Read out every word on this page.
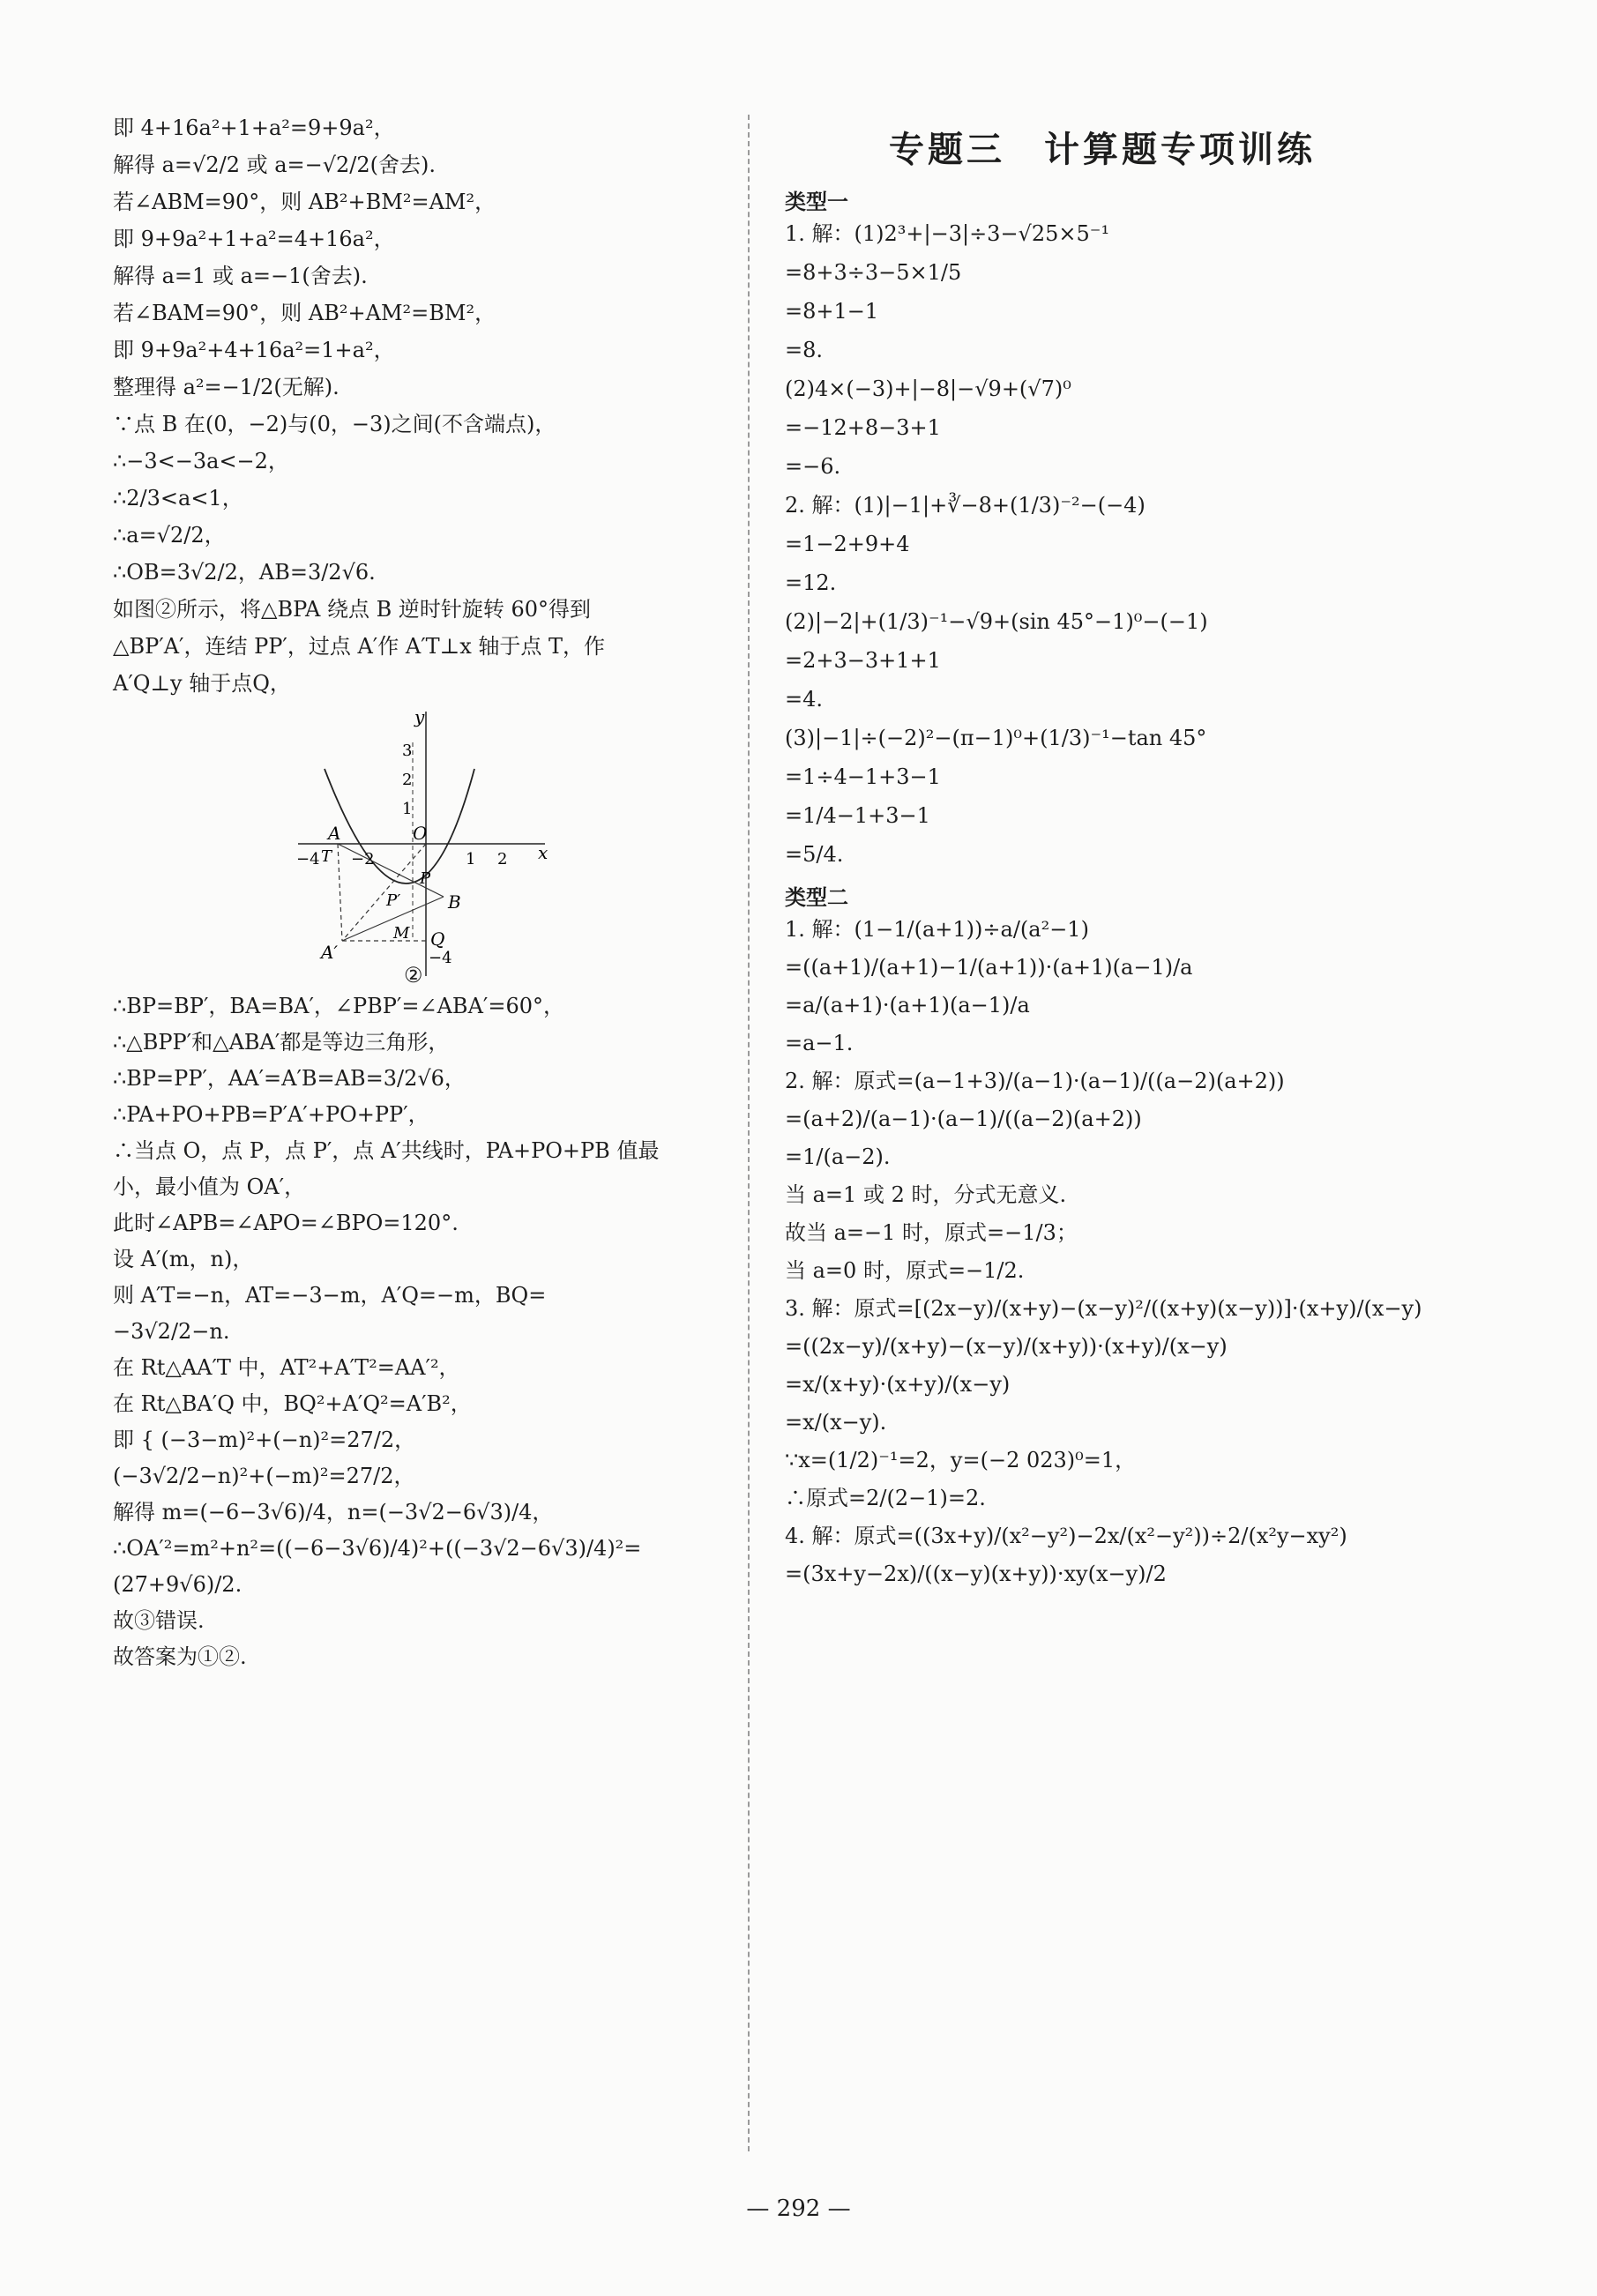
即 4+16a²+1+a²=9+9a²，

解得 a=√2/2 或 a=−√2/2(舍去).

若∠ABM=90°，则 AB²+BM²=AM²，

即 9+9a²+1+a²=4+16a²，

解得 a=1 或 a=−1(舍去).

若∠BAM=90°，则 AB²+AM²=BM²，

即 9+9a²+4+16a²=1+a²，

整理得 a²=−1/2(无解).

∵点 B 在(0，−2)与(0，−3)之间(不含端点)，

∴−3<−3a<−2，

∴2/3<a<1，

∴a=√2/2，

∴OB=3√2/2，AB=3/2√6.

如图②所示，将△BPA 绕点 B 逆时针旋转 60°得到

△BP′A′，连结 PP′，过点 A′作 A′T⊥x 轴于点 T，作

A′Q⊥y 轴于点Q，

y
x
O
A
T
B
P
P′
M
A′
Q
3
2
1
−4 −2	2
1
−4
②

∴BP=BP′，BA=BA′，∠PBP′=∠ABA′=60°，

∴△BPP′和△ABA′都是等边三角形，

∴BP=PP′，AA′=A′B=AB=3/2√6，

∴PA+PO+PB=P′A′+PO+PP′，

∴当点 O，点 P，点 P′，点 A′共线时，PA+PO+PB 值最

小，最小值为 OA′，

此时∠APB=∠APO=∠BPO=120°.

设 A′(m，n)，

则 A′T=−n，AT=−3−m，A′Q=−m，BQ=

−3√2/2−n.

在 Rt△AA′T 中，AT²+A′T²=AA′²，

在 Rt△BA′Q 中，BQ²+A′Q²=A′B²，

即 { (−3−m)²+(−n)²=27/2，

(−3√2/2−n)²+(−m)²=27/2，

解得 m=(−6−3√6)/4，n=(−3√2−6√3)/4，

∴OA′²=m²+n²=((−6−3√6)/4)²+((−3√2−6√3)/4)²=

(27+9√6)/2.

故③错误.

故答案为①②.

专题三　计算题专项训练
类型一

1. 解：(1)2³+|−3|÷3−√25×5⁻¹

=8+3÷3−5×1/5

=8+1−1

=8.

(2)4×(−3)+|−8|−√9+(√7)⁰

=−12+8−3+1

=−6.

2. 解：(1)|−1|+∛−8+(1/3)⁻²−(−4)

=1−2+9+4

=12.

(2)|−2|+(1/3)⁻¹−√9+(sin 45°−1)⁰−(−1)

=2+3−3+1+1

=4.

(3)|−1|÷(−2)²−(π−1)⁰+(1/3)⁻¹−tan 45°

=1÷4−1+3−1

=1/4−1+3−1

=5/4.

类型二

1. 解：(1−1/(a+1))÷a/(a²−1)

=((a+1)/(a+1)−1/(a+1))·(a+1)(a−1)/a

=a/(a+1)·(a+1)(a−1)/a

=a−1.

2. 解：原式=(a−1+3)/(a−1)·(a−1)/((a−2)(a+2))

=(a+2)/(a−1)·(a−1)/((a−2)(a+2))

=1/(a−2).

当 a=1 或 2 时，分式无意义.

故当 a=−1 时，原式=−1/3；

当 a=0 时，原式=−1/2.

3. 解：原式=[(2x−y)/(x+y)−(x−y)²/((x+y)(x−y))]·(x+y)/(x−y)

=((2x−y)/(x+y)−(x−y)/(x+y))·(x+y)/(x−y)

=x/(x+y)·(x+y)/(x−y)

=x/(x−y).

∵x=(1/2)⁻¹=2，y=(−2 023)⁰=1，

∴原式=2/(2−1)=2.

4. 解：原式=((3x+y)/(x²−y²)−2x/(x²−y²))÷2/(x²y−xy²)

=(3x+y−2x)/((x−y)(x+y))·xy(x−y)/2

— 292 —
